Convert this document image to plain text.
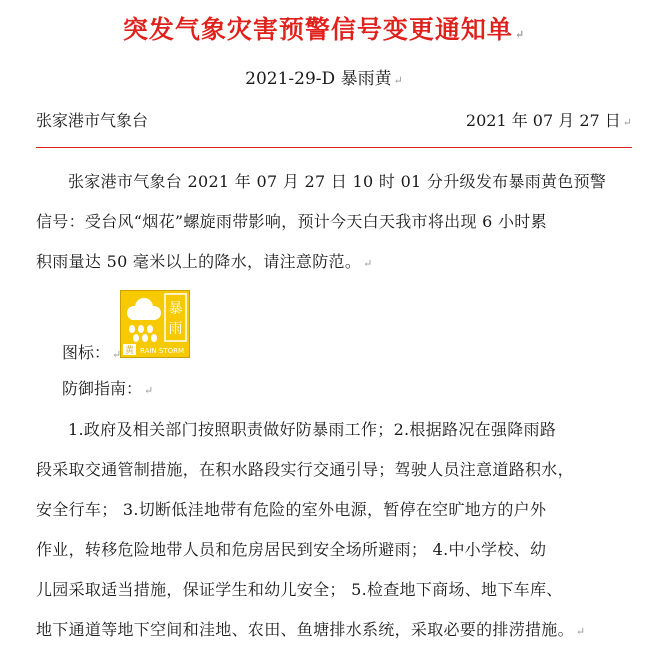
突发气象灾害预警信号变更通知单 ↵
2021-29-D 暴雨黄 ↵
张家港市气象台	2021 年 07 月 27 日 ↵
张家港市气象台 2021 年 07 月 27 日 10 时 01 分升级发布暴雨黄色预警
信号：受台风“烟花”螺旋雨带影响，预计今天白天我市将出现 6 小时累
积雨量达 50 毫米以上的降水，请注意防范。 ↵
暴
雨
黄 RAIN STORM
图标： ↵
防御指南： ↵
1.政府及相关部门按照职责做好防暴雨工作；2.根据路况在强降雨路
段采取交通管制措施，在积水路段实行交通引导；驾驶人员注意道路积水，
安全行车； 3.切断低洼地带有危险的室外电源，暂停在空旷地方的户外
作业，转移危险地带人员和危房居民到安全场所避雨； 4.中小学校、幼
儿园采取适当措施，保证学生和幼儿安全； 5.检查地下商场、地下车库、
地下通道等地下空间和洼地、农田、鱼塘排水系统，采取必要的排涝措施。 ↵
